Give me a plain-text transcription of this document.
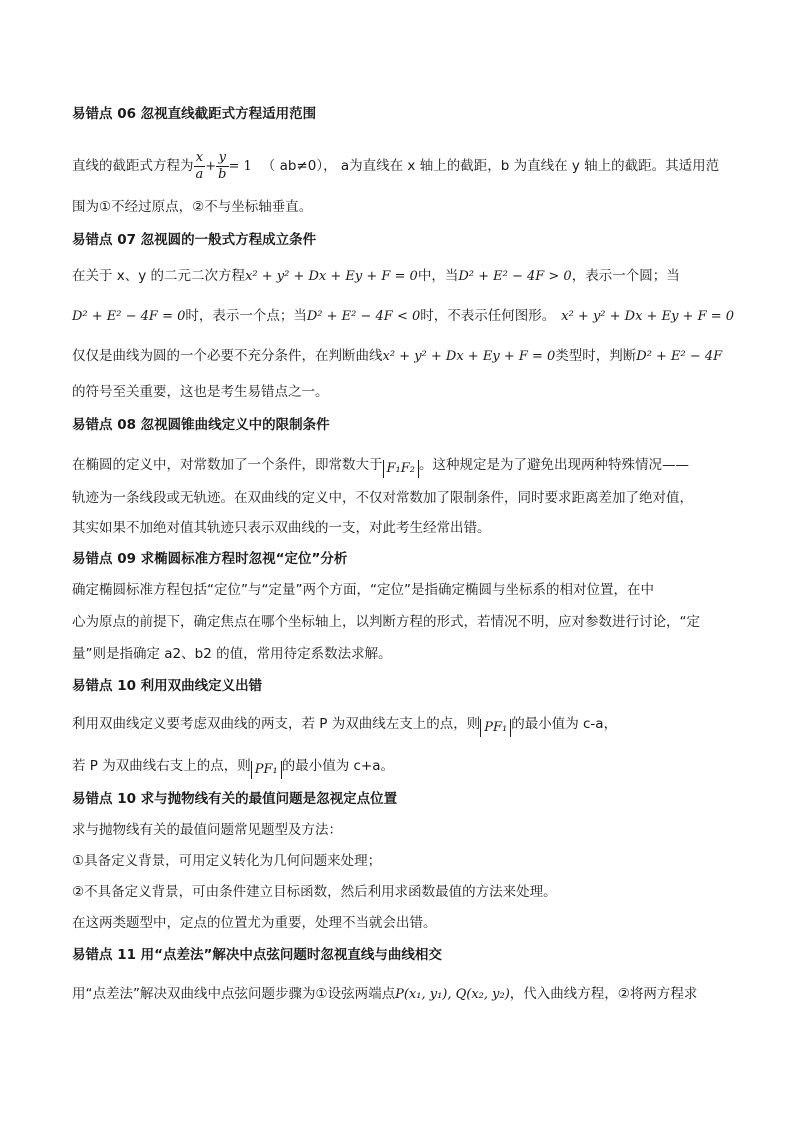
易错点 06 忽视直线截距式方程适用范围
直线的截距式方程为 $\frac{x}{a} + \frac{y}{b} = 1$ （ ab≠0）， a为直线在 x 轴上的截距，b 为直线在 y 轴上的截距。其适用范
围为①不经过原点，②不与坐标轴垂直。
易错点 07 忽视圆的一般式方程成立条件
在关于 x、y 的二元二次方程x² + y² + Dx + Ey + F = 0中，当D² + E² − 4F > 0，表示一个圆；当
D² + E² − 4F = 0时，表示一个点；当D² + E² − 4F < 0时，不表示任何图形。 x² + y² + Dx + Ey + F = 0
仅仅是曲线为圆的一个必要不充分条件，在判断曲线x² + y² + Dx + Ey + F = 0类型时，判断D² + E² − 4F
的符号至关重要，这也是考生易错点之一。
易错点 08 忽视圆锥曲线定义中的限制条件
在椭圆的定义中，对常数加了一个条件，即常数大于 F₁F₂ 。这种规定是为了避免出现两种特殊情况——
轨迹为一条线段或无轨迹。在双曲线的定义中，不仅对常数加了限制条件，同时要求距离差加了绝对值，
其实如果不加绝对值其轨迹只表示双曲线的一支，对此考生经常出错。
易错点 09 求椭圆标准方程时忽视“定位”分析
确定椭圆标准方程包括“定位”与“定量”两个方面，“定位”是指确定椭圆与坐标系的相对位置，在中
心为原点的前提下，确定焦点在哪个坐标轴上，以判断方程的形式，若情况不明，应对参数进行讨论，“定
量”则是指确定 a2、b2 的值，常用待定系数法求解。
易错点 10 利用双曲线定义出错
利用双曲线定义要考虑双曲线的两支，若 P 为双曲线左支上的点，则 PF₁ 的最小值为 c-a，
若 P 为双曲线右支上的点，则 PF₁ 的最小值为 c+a。
易错点 10 求与抛物线有关的最值问题是忽视定点位置
求与抛物线有关的最值问题常见题型及方法：
①具备定义背景，可用定义转化为几何问题来处理；
②不具备定义背景，可由条件建立目标函数，然后利用求函数最值的方法来处理。
在这两类题型中，定点的位置尤为重要，处理不当就会出错。
易错点 11 用“点差法”解决中点弦问题时忽视直线与曲线相交
用“点差法”解决双曲线中点弦问题步骤为①设弦两端点P(x₁, y₁), Q(x₂, y₂)，代入曲线方程，②将两方程求
